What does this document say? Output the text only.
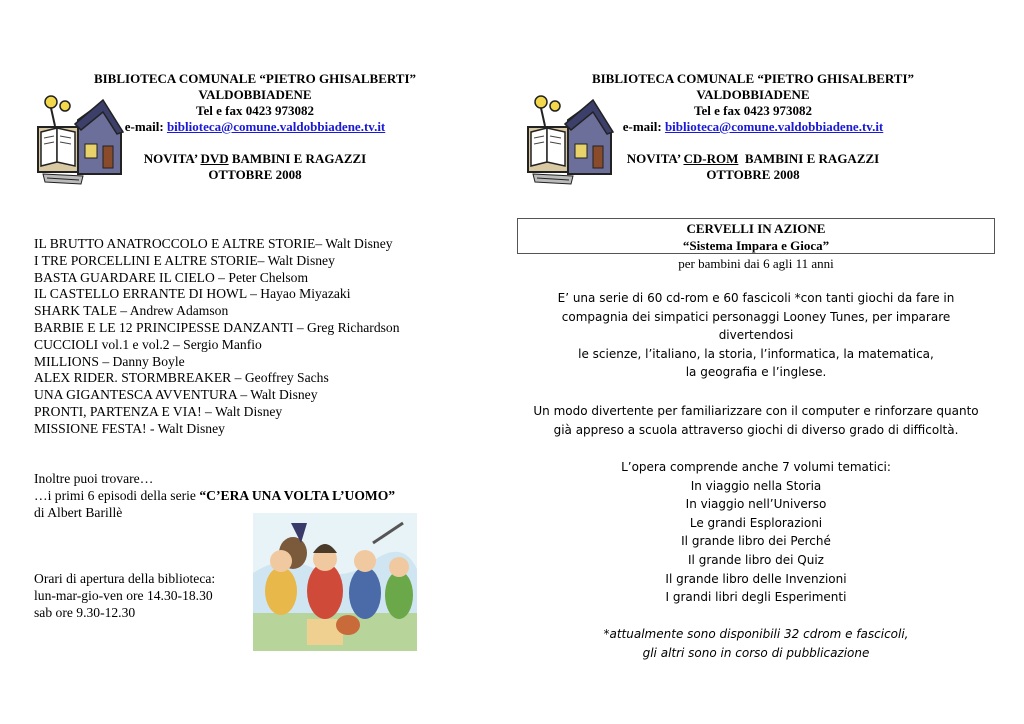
BIBLIOTECA COMUNALE “PIETRO GHISALBERTI”
VALDOBBIADENE
Tel e fax 0423 973082
e-mail: biblioteca@comune.valdobbiadene.tv.it
NOVITA’ DVD BAMBINI E RAGAZZI
OTTOBRE 2008
IL BRUTTO ANATROCCOLO E ALTRE STORIE– Walt Disney
I TRE PORCELLINI E ALTRE STORIE– Walt Disney
BASTA GUARDARE IL CIELO – Peter Chelsom
IL CASTELLO ERRANTE DI HOWL – Hayao Miyazaki
SHARK TALE – Andrew Adamson
BARBIE E LE 12 PRINCIPESSE DANZANTI – Greg Richardson
CUCCIOLI vol.1 e vol.2 – Sergio Manfio
MILLIONS – Danny Boyle
ALEX RIDER. STORMBREAKER – Geoffrey Sachs
UNA GIGANTESCA AVVENTURA – Walt Disney
PRONTI, PARTENZA E VIA! – Walt Disney
MISSIONE FESTA! - Walt Disney
Inoltre puoi trovare…
…i primi 6 episodi della serie “C’ERA UNA VOLTA L’UOMO”
di Albert Barillè
Orari di apertura della biblioteca:
lun-mar-gio-ven ore 14.30-18.30
sab ore 9.30-12.30
BIBLIOTECA COMUNALE “PIETRO GHISALBERTI”
VALDOBBIADENE
Tel e fax 0423 973082
e-mail: biblioteca@comune.valdobbiadene.tv.it
NOVITA’ CD-ROM  BAMBINI E RAGAZZI
OTTOBRE 2008
CERVELLI IN AZIONE
“Sistema Impara e Gioca”
per bambini dai 6 agli 11 anni
E’ una serie di 60 cd-rom e 60 fascicoli *con tanti giochi da fare in
compagnia dei simpatici personaggi Looney Tunes, per imparare
divertendosi
le scienze, l’italiano, la storia, l’informatica, la matematica,
la geografia e l’inglese.
Un modo divertente per familiarizzare con il computer e rinforzare quanto
già appreso a scuola attraverso giochi di diverso grado di difficoltà.
L’opera comprende anche 7 volumi tematici:
In viaggio nella Storia
In viaggio nell’Universo
Le grandi Esplorazioni
Il grande libro dei Perché
Il grande libro dei Quiz
Il grande libro delle Invenzioni
I grandi libri degli Esperimenti
*attualmente sono disponibili 32 cdrom e fascicoli,
gli altri sono in corso di pubblicazione
